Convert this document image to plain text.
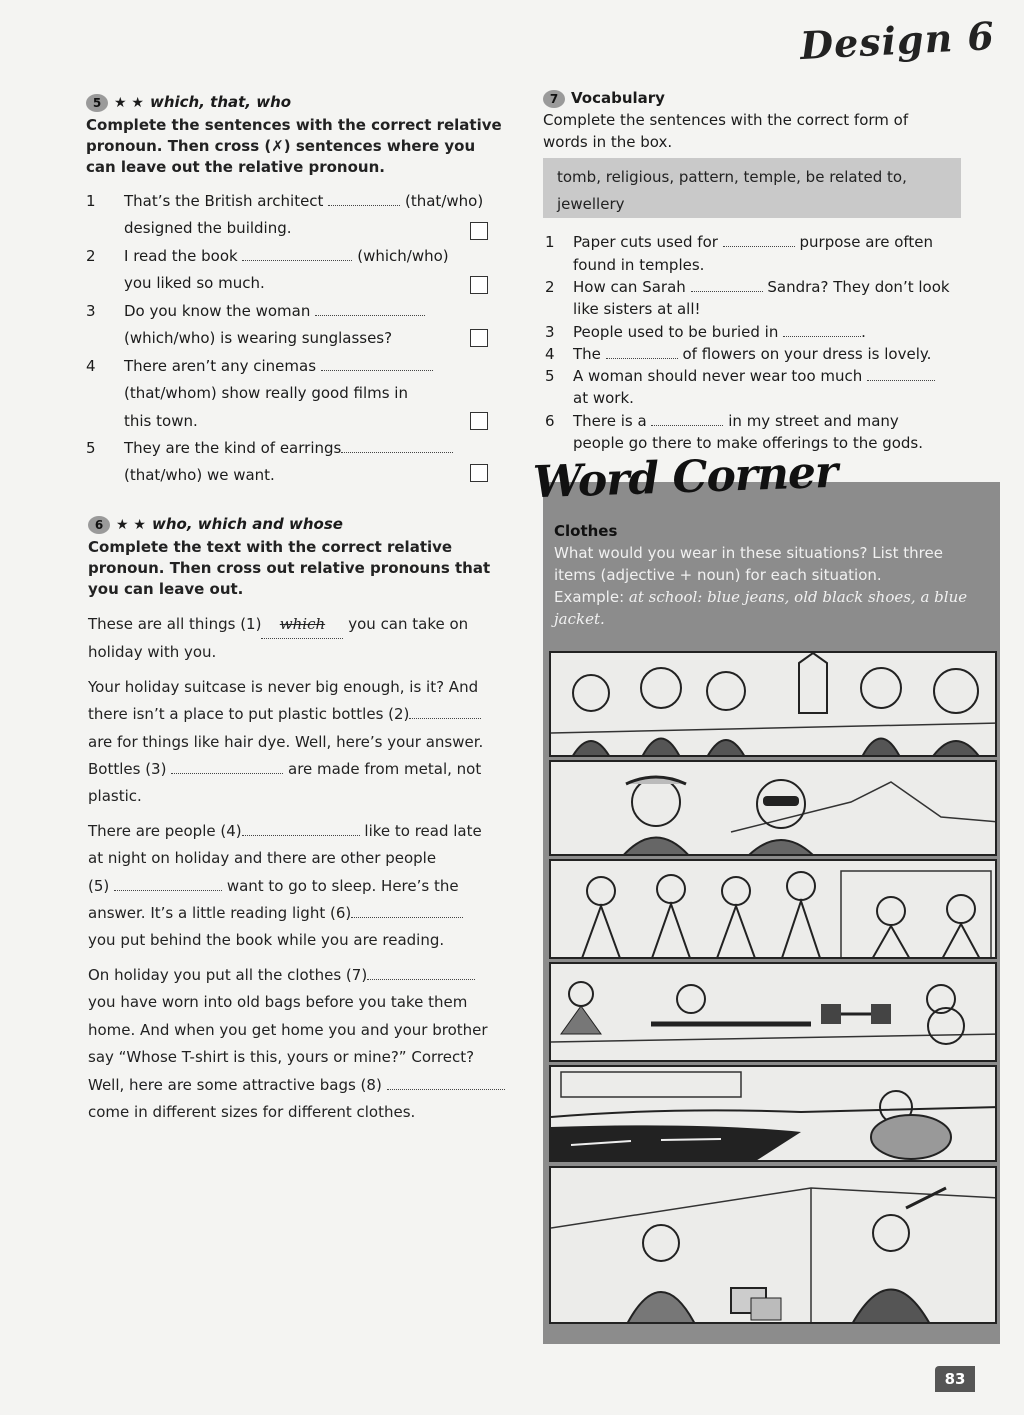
Design 6
5 ★ ★ which, that, who
Complete the sentences with the correct relative pronoun. Then cross (✗) sentences where you can leave out the relative pronoun.
1 That’s the British architect	(that/who)
designed the building.
2 I read the book	(which/who)
you liked so much.
3 Do you know the woman
(which/who) is wearing sunglasses?
4 There aren’t any cinemas
(that/whom) show really good films in
this town.
5 They are the kind of earrings
(that/who) we want.
6 ★ ★ who, which and whose
Complete the text with the correct relative pronoun. Then cross out relative pronouns that you can leave out.
These are all things (1) which you can take on
holiday with you.
Your holiday suitcase is never big enough, is it? And
there isn’t a place to put plastic bottles (2)
are for things like hair dye. Well, here’s your answer.
Bottles (3)	are made from metal, not
plastic.
There are people (4)	like to read late
at night on holiday and there are other people
(5)	want to go to sleep. Here’s the
answer. It’s a little reading light (6)
you put behind the book while you are reading.
On holiday you put all the clothes (7)
you have worn into old bags before you take them
home. And when you get home you and your brother
say “Whose T-shirt is this, yours or mine?” Correct?
Well, here are some attractive bags (8)
come in different sizes for different clothes.
7 Vocabulary
Complete the sentences with the correct form of words in the box.
tomb, religious, pattern, temple, be related to, jewellery
1 Paper cuts used for	purpose are often
found in temples.
2 How can Sarah	Sandra? They don’t look
like sisters at all!
3 People used to be buried in	.
4 The	of flowers on your dress is lovely.
5 A woman should never wear too much
at work.
6 There is a	in my street and many
people go there to make offerings to the gods.
Clothes
What would you wear in these situations? List three items (adjective + noun) for each situation.
Example: at school: blue jeans, old black shoes, a blue jacket.
Word Corner
83
